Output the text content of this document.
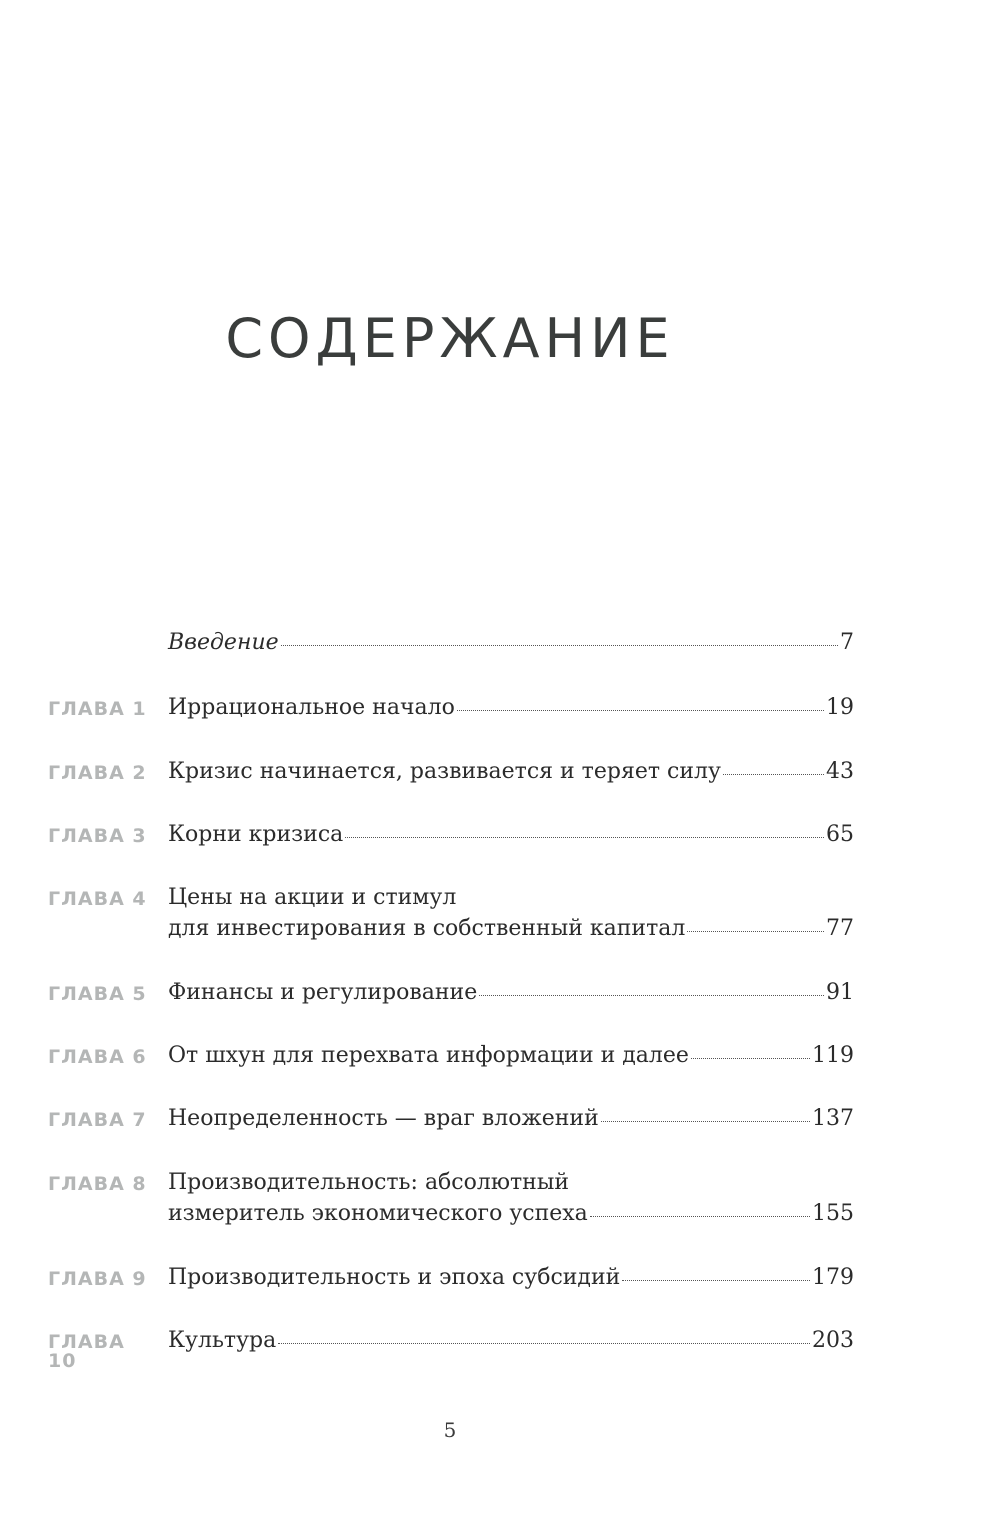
СОДЕРЖАНИЕ
Введение	7
ГЛАВА 1 Иррациональное начало	19
ГЛАВА 2 Кризис начинается, развивается и теряет силу	43
ГЛАВА 3 Корни кризиса	65
ГЛАВА 4 Цены на акции и стимул
для инвестирования в собственный капитал	77
ГЛАВА 5 Финансы и регулирование	91
ГЛАВА 6 От шхун для перехвата информации и далее	119
ГЛАВА 7 Неопределенность — враг вложений	137
ГЛАВА 8 Производительность: абсолютный
измеритель экономического успеха	155
ГЛАВА 9 Производительность и эпоха субсидий	179
ГЛАВА 10
Культура	203
5
